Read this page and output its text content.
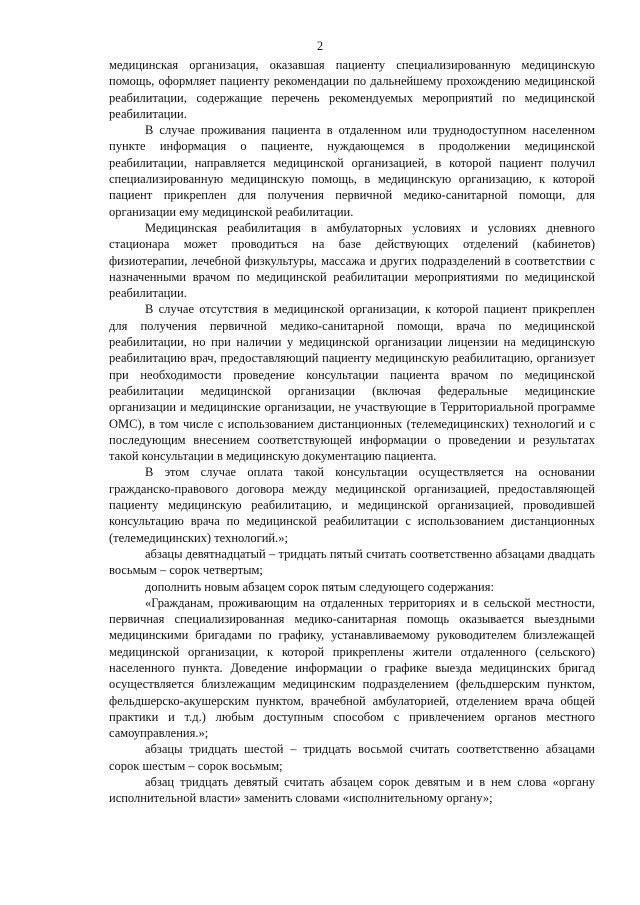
2

медицинская организация, оказавшая пациенту специализированную медицинскую помощь, оформляет пациенту рекомендации по дальнейшему прохождению медицинской реабилитации, содержащие перечень рекомендуемых мероприятий по медицинской реабилитации.

В случае проживания пациента в отдаленном или труднодоступном населенном пункте информация о пациенте, нуждающемся в продолжении медицинской реабилитации, направляется медицинской организацией, в которой пациент получил специализированную медицинскую помощь, в медицинскую организацию, к которой пациент прикреплен для получения первичной медико-санитарной помощи, для организации ему медицинской реабилитации.

Медицинская реабилитация в амбулаторных условиях и условиях дневного стационара может проводиться на базе действующих отделений (кабинетов) физиотерапии, лечебной физкультуры, массажа и других подразделений в соответствии с назначенными врачом по медицинской реабилитации мероприятиями по медицинской реабилитации.

В случае отсутствия в медицинской организации, к которой пациент прикреплен для получения первичной медико-санитарной помощи, врача по медицинской реабилитации, но при наличии у медицинской организации лицензии на медицинскую реабилитацию врач, предоставляющий пациенту медицинскую реабилитацию, организует при необходимости проведение консультации пациента врачом по медицинской реабилитации медицинской организации (включая федеральные медицинские организации и медицинские организации, не участвующие в Территориальной программе ОМС), в том числе с использованием дистанционных (телемедицинских) технологий и с последующим внесением соответствующей информации о проведении и результатах такой консультации в медицинскую документацию пациента.

В этом случае оплата такой консультации осуществляется на основании гражданско-правового договора между медицинской организацией, предоставляющей пациенту медицинскую реабилитацию, и медицинской организацией, проводившей консультацию врача по медицинской реабилитации с использованием дистанционных (телемедицинских) технологий.»;

абзацы девятнадцатый – тридцать пятый считать соответственно абзацами двадцать восьмым – сорок четвертым;

дополнить новым абзацем сорок пятым следующего содержания:

«Гражданам, проживающим на отдаленных территориях и в сельской местности, первичная специализированная медико-санитарная помощь оказывается выездными медицинскими бригадами по графику, устанавливаемому руководителем близлежащей медицинской организации, к которой прикреплены жители отдаленного (сельского) населенного пункта. Доведение информации о графике выезда медицинских бригад осуществляется близлежащим медицинским подразделением (фельдшерским пунктом, фельдшерско-акушерским пунктом, врачебной амбулаторией, отделением врача общей практики и т.д.) любым доступным способом с привлечением органов местного самоуправления.»;

абзацы тридцать шестой – тридцать восьмой считать соответственно абзацами сорок шестым – сорок восьмым;

абзац тридцать девятый считать абзацем сорок девятым и в нем слова «органу исполнительной власти» заменить словами «исполнительному органу»;
